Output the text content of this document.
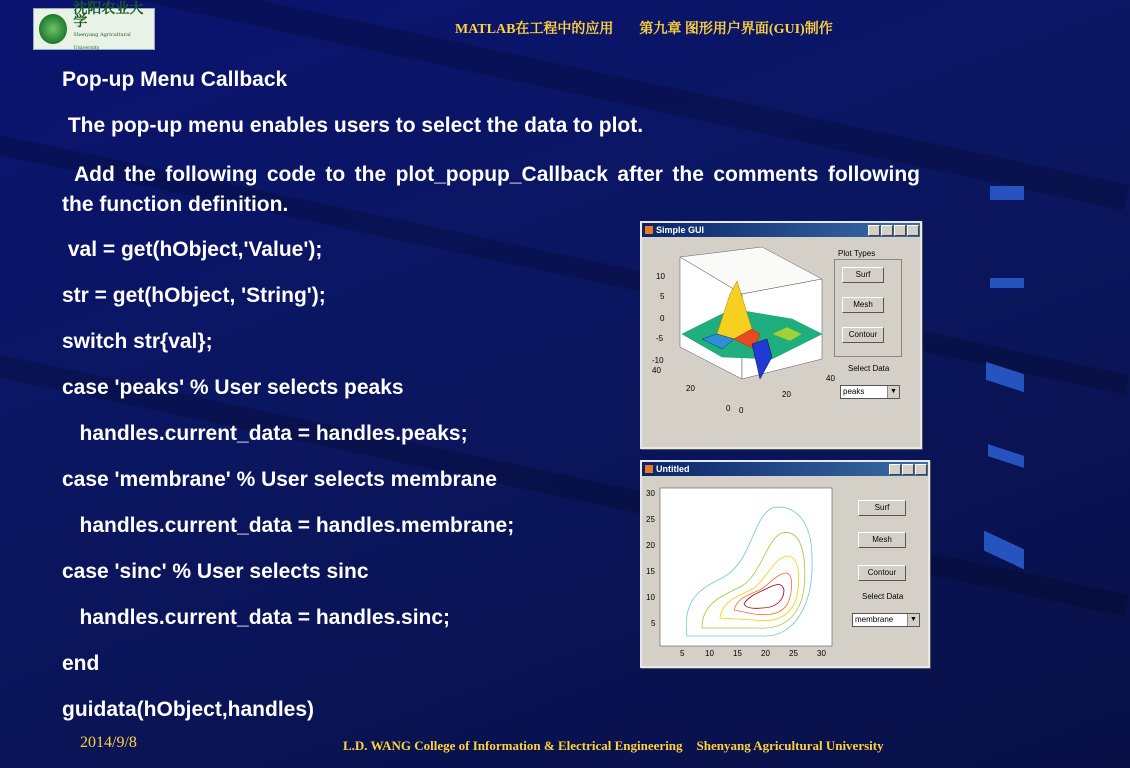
沈阳农业大学
Shenyang Agricultural University
MATLAB在工程中的应用 第九章 图形用户界面(GUI)制作

Pop-up Menu Callback

The pop-up menu enables users to select the data to plot.

Add the following code to the plot_popup_Callback after the comments following the function definition.

val = get(hObject,'Value');
str = get(hObject, 'String');
switch str{val};
case 'peaks' % User selects peaks
handles.current_data = handles.peaks;
case 'membrane' % User selects membrane
handles.current_data = handles.membrane;
case 'sinc' % User selects sinc
handles.current_data = handles.sinc;
end
guidata(hObject,handles)
Simple GUI
10
5
0
-5
-10
40
20
0 0
20
40
Plot Types
Surf
Mesh
Contour
Select Data
peaks	▼
Untitled
30
25
20
15
10
5
5	10 15 20 25 30
Surf
Mesh
Contour
Select Data
membrane	▼
2014/9/8	L.D. WANG College of Information & Electrical Engineering Shenyang Agricultural University
